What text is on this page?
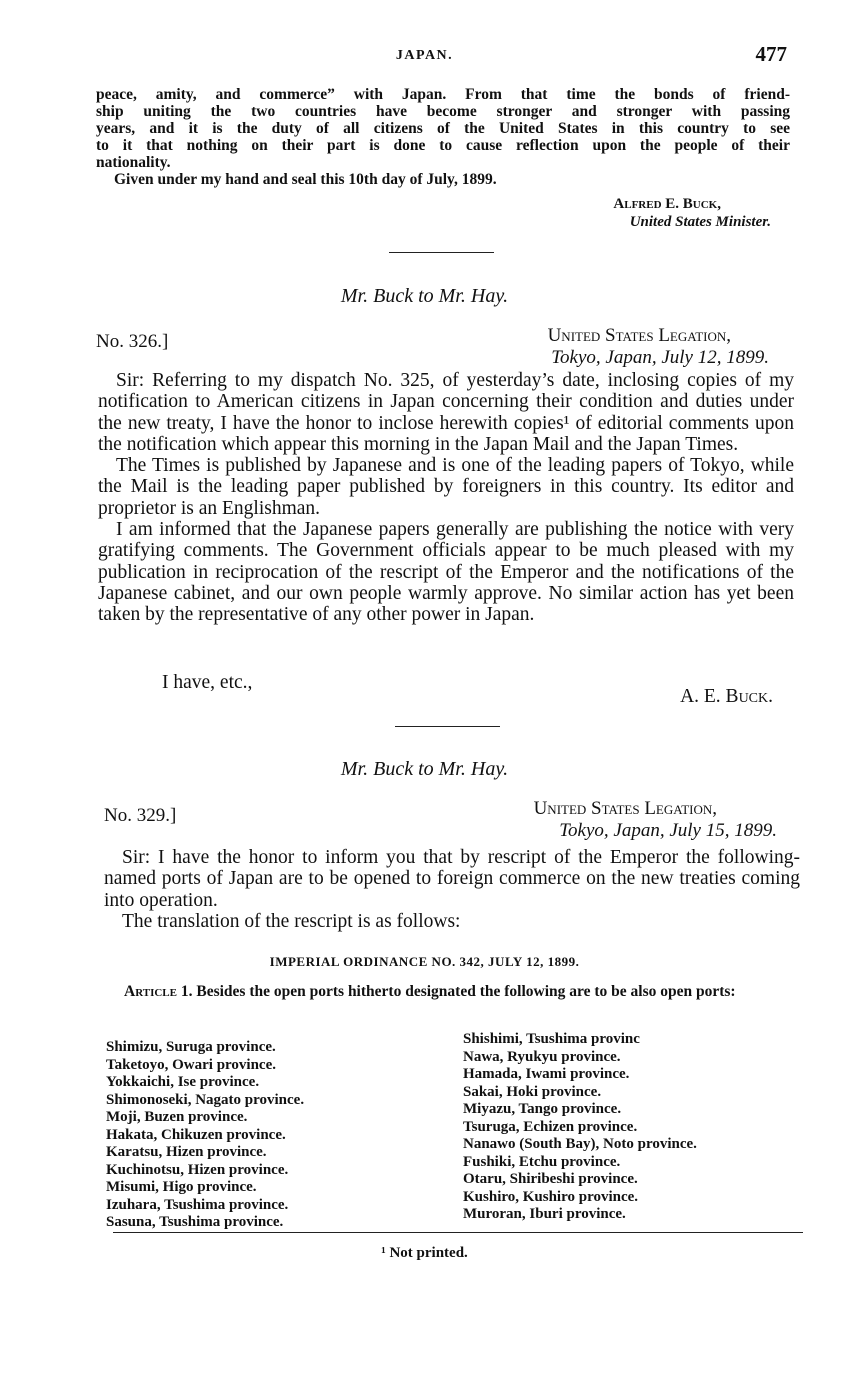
JAPAN.	477
peace, amity, and commerce” with Japan. From that time the bonds of friend-
ship uniting the two countries have become stronger and stronger with passing
years, and it is the duty of all citizens of the United States in this country to see
to it that nothing on their part is done to cause reflection upon the people of their
nationality.
Given under my hand and seal this 10th day of July, 1899.
Alfred E. Buck,
United States Minister.
Mr. Buck to Mr. Hay.
No. 326.]	United States Legation,
Tokyo, Japan, July 12, 1899.

Sir: Referring to my dispatch No. 325, of yesterday’s date, inclosing copies of my notification to American citizens in Japan concerning their condition and duties under the new treaty, I have the honor to inclose herewith copies¹ of editorial comments upon the notification which appear this morning in the Japan Mail and the Japan Times.

The Times is published by Japanese and is one of the leading papers of Tokyo, while the Mail is the leading paper published by foreigners in this country. Its editor and proprietor is an Englishman.

I am informed that the Japanese papers generally are publishing the notice with very gratifying comments. The Government officials appear to be much pleased with my publication in reciprocation of the rescript of the Emperor and the notifications of the Japanese cabinet, and our own people warmly approve. No similar action has yet been taken by the representative of any other power in Japan.

I have, etc.,
A. E. Buck.
Mr. Buck to Mr. Hay.
No. 329.]	United States Legation,
Tokyo, Japan, July 15, 1899.

Sir: I have the honor to inform you that by rescript of the Emperor the following-named ports of Japan are to be opened to foreign commerce on the new treaties coming into operation.

The translation of the rescript is as follows:

IMPERIAL ORDINANCE NO. 342, JULY 12, 1899.
Article 1. Besides the open ports hitherto designated the following are to be also open ports:
Shimizu, Suruga province.
Taketoyo, Owari province.
Yokkaichi, Ise province.
Shimonoseki, Nagato province.
Moji, Buzen province.
Hakata, Chikuzen province.
Karatsu, Hizen province.
Kuchinotsu, Hizen province.
Misumi, Higo province.
Izuhara, Tsushima province.
Sasuna, Tsushima province.
Shishimi, Tsushima provinc
Nawa, Ryukyu province.
Hamada, Iwami province.
Sakai, Hoki province.
Miyazu, Tango province.
Tsuruga, Echizen province.
Nanawo (South Bay), Noto province.
Fushiki, Etchu province.
Otaru, Shiribeshi province.
Kushiro, Kushiro province.
Muroran, Iburi province.
¹ Not printed.
